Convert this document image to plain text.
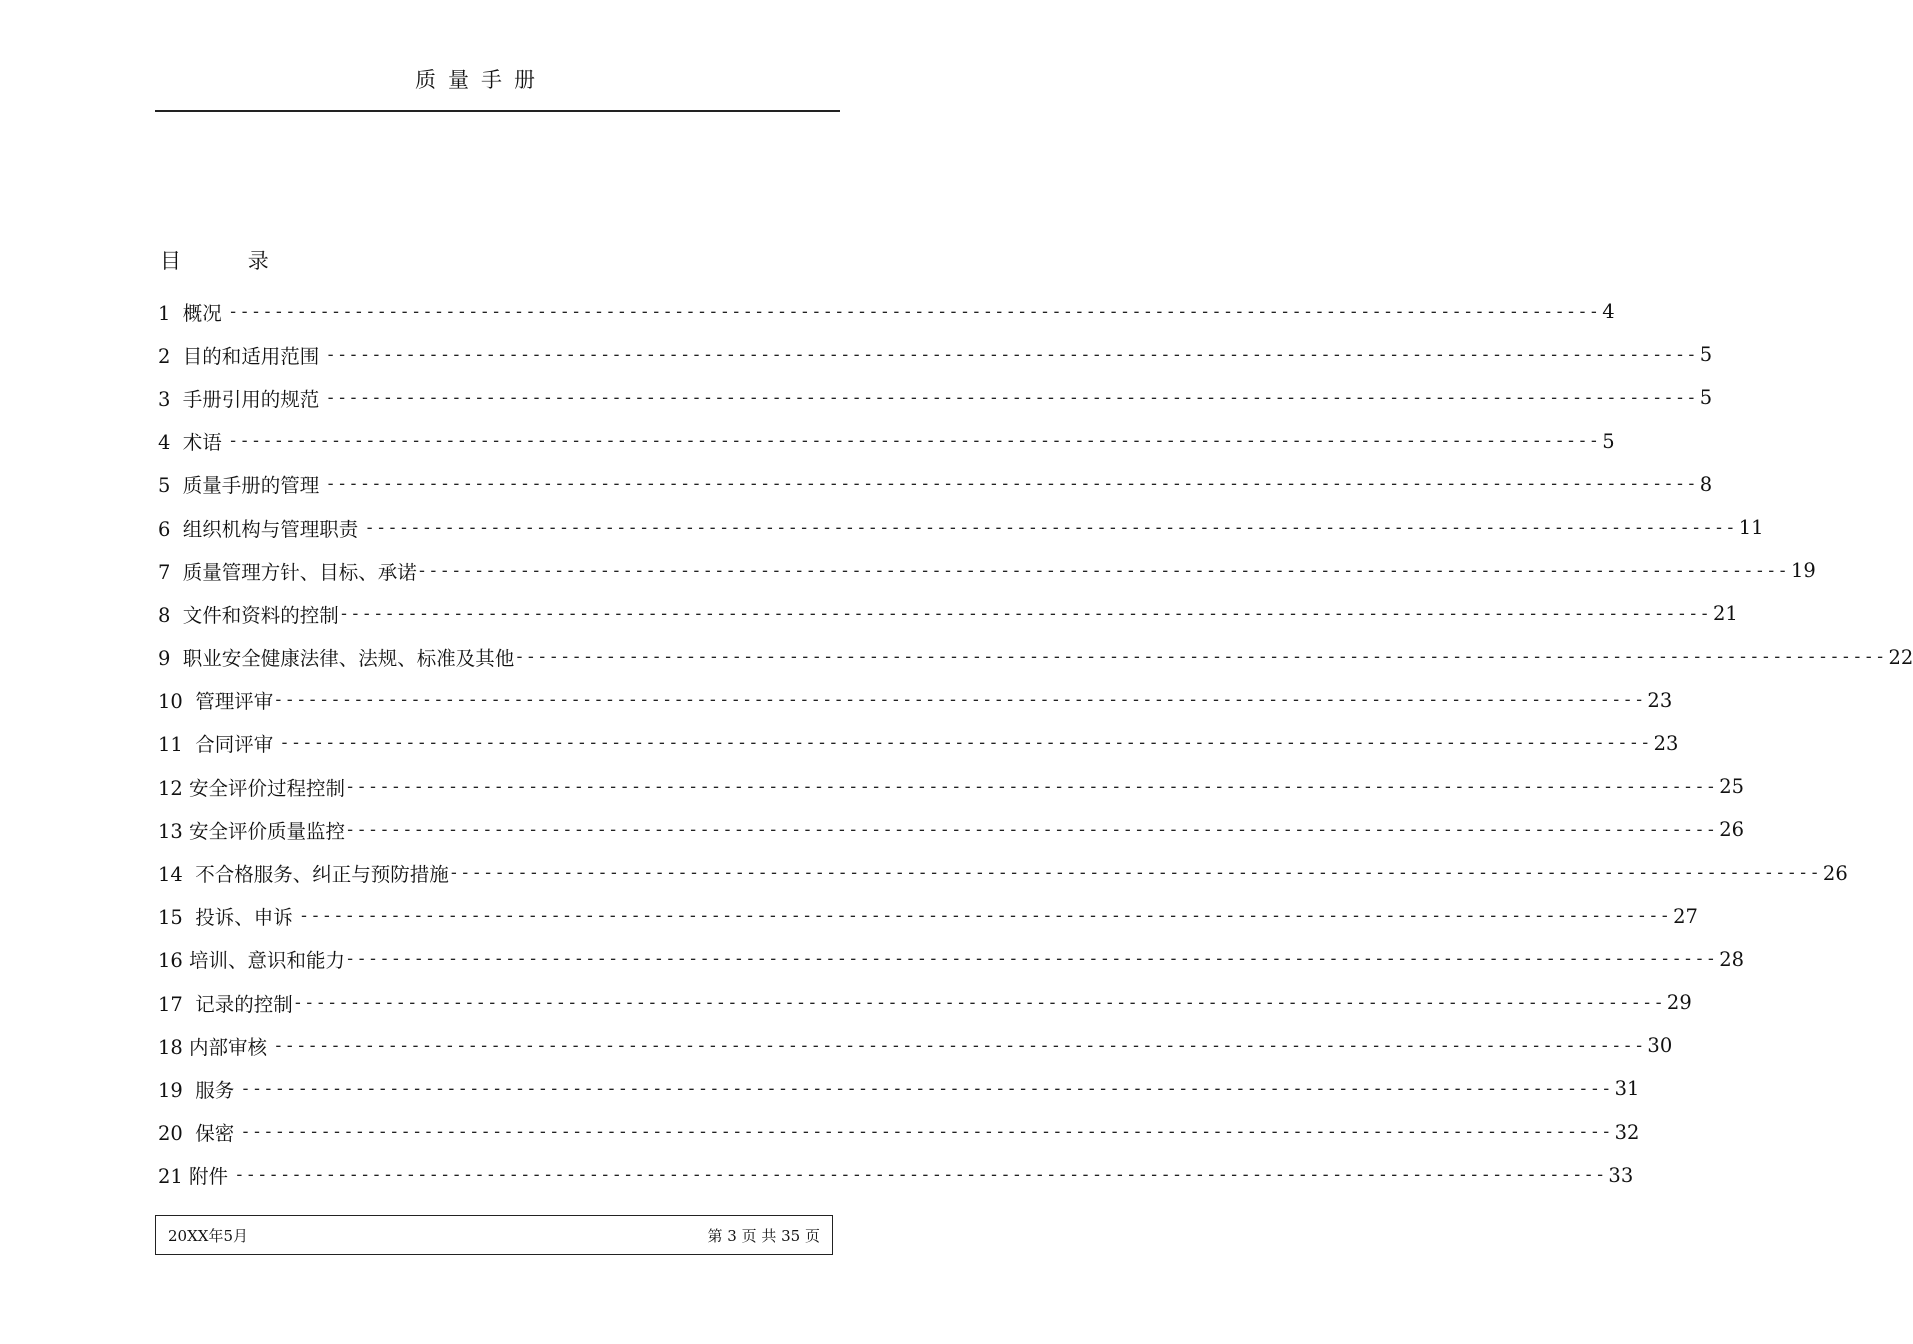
质量手册
目          录
1  概况 ------------------------------------------------------------------------------------------------------------------------ 4
2  目的和适用范围 ------------------------------------------------------------------------------------------------------------------------ 5
3  手册引用的规范 ------------------------------------------------------------------------------------------------------------------------ 5
4  术语 ------------------------------------------------------------------------------------------------------------------------ 5
5  质量手册的管理 ------------------------------------------------------------------------------------------------------------------------ 8
6  组织机构与管理职责 ------------------------------------------------------------------------------------------------------------------------ 11
7  质量管理方针、目标、承诺 ------------------------------------------------------------------------------------------------------------------------ 19
8  文件和资料的控制 ------------------------------------------------------------------------------------------------------------------------ 21
9  职业安全健康法律、法规、标准及其他 ------------------------------------------------------------------------------------------------------------------------ 22
10  管理评审 ------------------------------------------------------------------------------------------------------------------------ 23
11  合同评审 ------------------------------------------------------------------------------------------------------------------------ 23
12 安全评价过程控制 ------------------------------------------------------------------------------------------------------------------------ 25
13 安全评价质量监控 ------------------------------------------------------------------------------------------------------------------------ 26
14  不合格服务、纠正与预防措施 ------------------------------------------------------------------------------------------------------------------------ 26
15  投诉、申诉 ------------------------------------------------------------------------------------------------------------------------ 27
16 培训、意识和能力 ------------------------------------------------------------------------------------------------------------------------ 28
17  记录的控制 ------------------------------------------------------------------------------------------------------------------------ 29
18 内部审核 ------------------------------------------------------------------------------------------------------------------------ 30
19  服务 ------------------------------------------------------------------------------------------------------------------------ 31
20  保密 ------------------------------------------------------------------------------------------------------------------------ 32
21 附件 ------------------------------------------------------------------------------------------------------------------------ 33
20XX年5月	第 3 页 共 35 页
